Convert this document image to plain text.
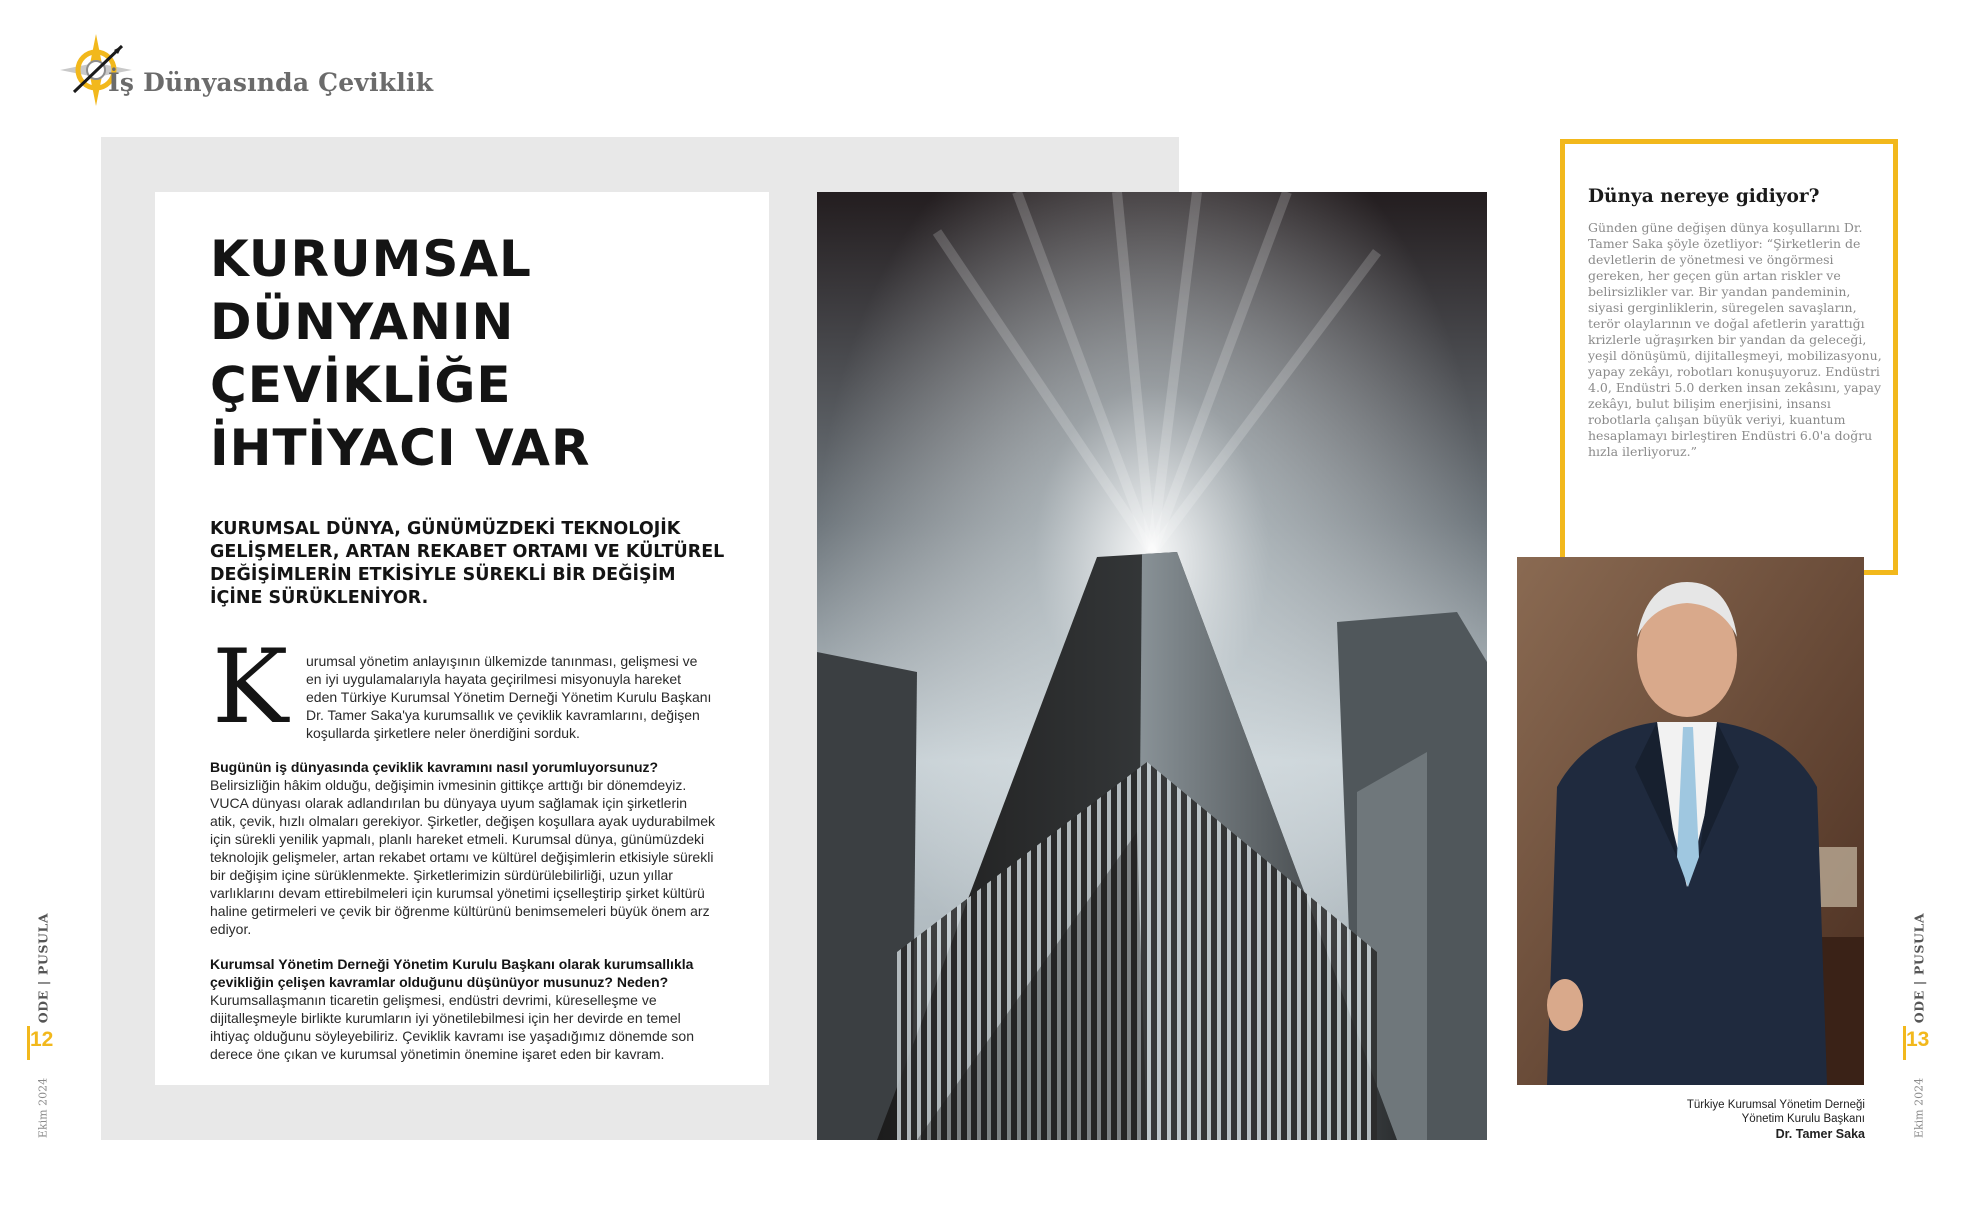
İş Dünyasında Çeviklik
KURUMSAL
DÜNYANIN
ÇEVİKLİĞE
İHTİYACI VAR
KURUMSAL DÜNYA, GÜNÜMÜZDEKİ TEKNOLOJİK GELİŞMELER, ARTAN REKABET ORTAMI VE KÜLTÜREL DEĞİŞİMLERİN ETKİSİYLE SÜREKLİ BİR DEĞİŞİM İÇİNE SÜRÜKLENİYOR.
K urumsal yönetim anlayışının ülkemizde tanınması, gelişmesi ve en iyi uygulamalarıyla hayata geçirilmesi misyonuyla hareket eden Türkiye Kurumsal Yönetim Derneği Yönetim Kurulu Başkanı Dr. Tamer Saka'ya kurumsallık ve çeviklik kavramlarını, değişen koşullarda şirketlere neler önerdiğini sorduk.
Bugünün iş dünyasında çeviklik kavramını nasıl yorumluyorsunuz?
Belirsizliğin hâkim olduğu, değişimin ivmesinin gittikçe arttığı bir dönemdeyiz. VUCA dünyası olarak adlandırılan bu dünyaya uyum sağlamak için şirketlerin atik, çevik, hızlı olmaları gerekiyor. Şirketler, değişen koşullara ayak uydurabilmek için sürekli yenilik yapmalı, planlı hareket etmeli. Kurumsal dünya, günümüzdeki teknolojik gelişmeler, artan rekabet ortamı ve kültürel değişimlerin etkisiyle sürekli bir değişim içine sürüklenmekte. Şirketlerimizin sürdürülebilirliği, uzun yıllar varlıklarını devam ettirebilmeleri için kurumsal yönetimi içselleştirip şirket kültürü haline getirmeleri ve çevik bir öğrenme kültürünü benimsemeleri büyük önem arz ediyor.
Kurumsal Yönetim Derneği Yönetim Kurulu Başkanı olarak kurumsallıkla çevikliğin çelişen kavramlar olduğunu düşünüyor musunuz? Neden?
Kurumsallaşmanın ticaretin gelişmesi, endüstri devrimi, küreselleşme ve dijitalleşmeyle birlikte kurumların iyi yönetilebilmesi için her devirde en temel ihtiyaç olduğunu söyleyebiliriz. Çeviklik kavramı ise yaşadığımız dönemde son derece öne çıkan ve kurumsal yönetimin önemine işaret eden bir kavram.
Dünya nereye gidiyor?
Günden güne değişen dünya koşullarını Dr. Tamer Saka şöyle özetliyor: “Şirketlerin de devletlerin de yönetmesi ve öngörmesi gereken, her geçen gün artan riskler ve belirsizlikler var. Bir yandan pandeminin, siyasi gerginliklerin, süregelen savaşların, terör olaylarının ve doğal afetlerin yarattığı krizlerle uğraşırken bir yandan da geleceği, yeşil dönüşümü, dijitalleşmeyi, mobilizasyonu, yapay zekâyı, robotları konuşuyoruz. Endüstri 4.0, Endüstri 5.0 derken insan zekâsını, yapay zekâyı, bulut bilişim enerjisini, insansı robotlarla çalışan büyük veriyi, kuantum hesaplamayı birleştiren Endüstri 6.0'a doğru hızla ilerliyoruz.”
Türkiye Kurumsal Yönetim Derneği
Yönetim Kurulu Başkanı
Dr. Tamer Saka
ODE | PUSULA
12
Ekim 2024
ODE | PUSULA
13
Ekim 2024
